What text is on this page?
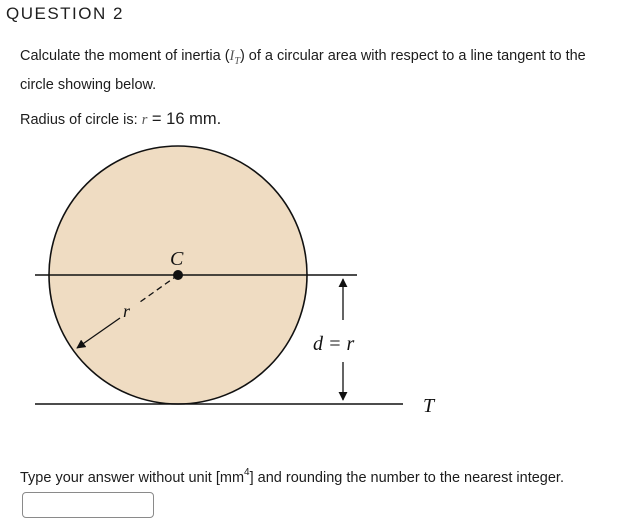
QUESTION 2
Calculate the moment of inertia $(I_T)$ of a circular area with respect to a line tangent to the
circle showing below.
Radius of circle is: r = 16 mm.
C
r
d = r
T
Type your answer without unit $[mm^4]$ and rounding the number to the nearest integer.
